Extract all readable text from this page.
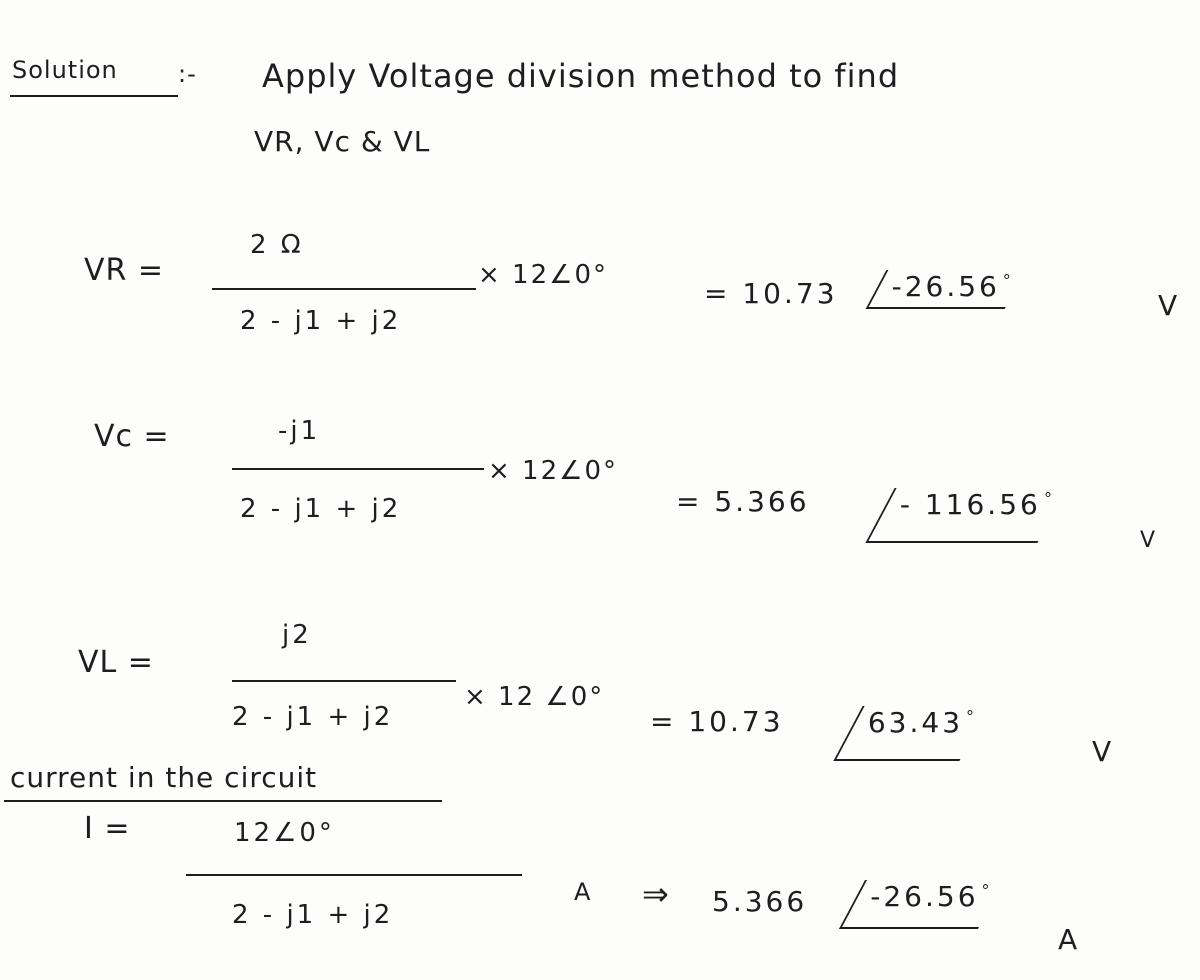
Solution	:- Apply Voltage division method to find
VR, Vc & VL
VR =
2 Ω
2 - j1 + j2
× 12∠0°
= 10.73	-26.56 °
V
Vc =	-j1
2 - j1 + j2
× 12∠0°
= 5.366	- 116.56 °
V
VL =
j2
2 - j1 + j2
× 12 ∠0°
= 10.73	63.43 °
V
current in the circuit
I =	12∠0°
2 - j1 + j2
A ⇒ 5.366	-26.56 °
A
